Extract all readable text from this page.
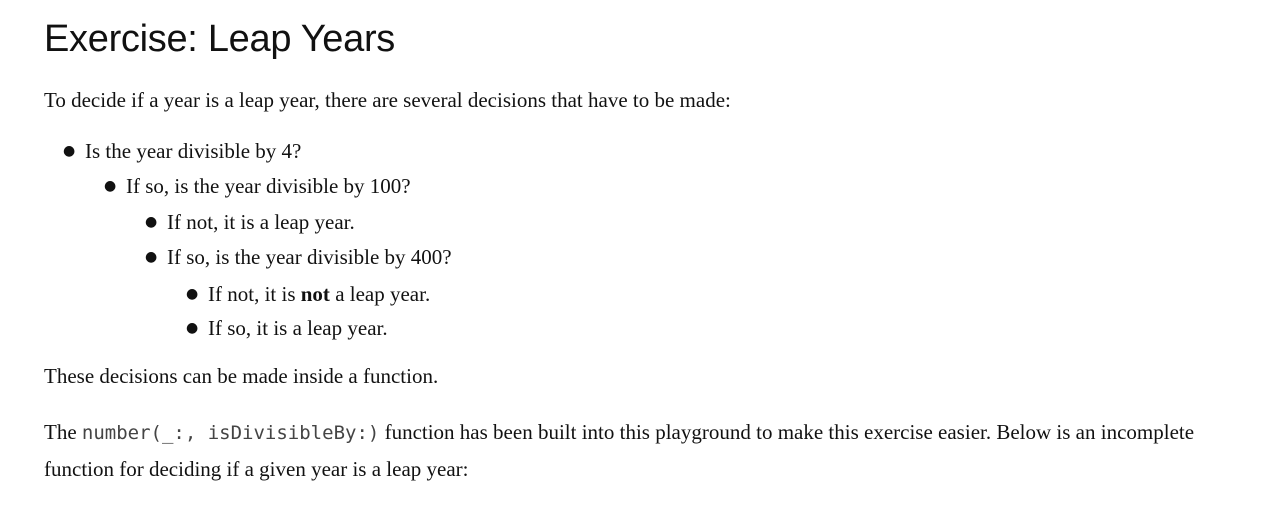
Exercise: Leap Years

To decide if a year is a leap year, there are several decisions that have to be made:

● Is the year divisible by 4?
● If so, is the year divisible by 100?
● If not, it is a leap year.
● If so, is the year divisible by 400?
● If not, it is not a leap year.
● If so, it is a leap year.

These decisions can be made inside a function.

The number(_:, isDivisibleBy:) function has been built into this playground to make this exercise easier. Below is an incomplete function for deciding if a given year is a leap year:
